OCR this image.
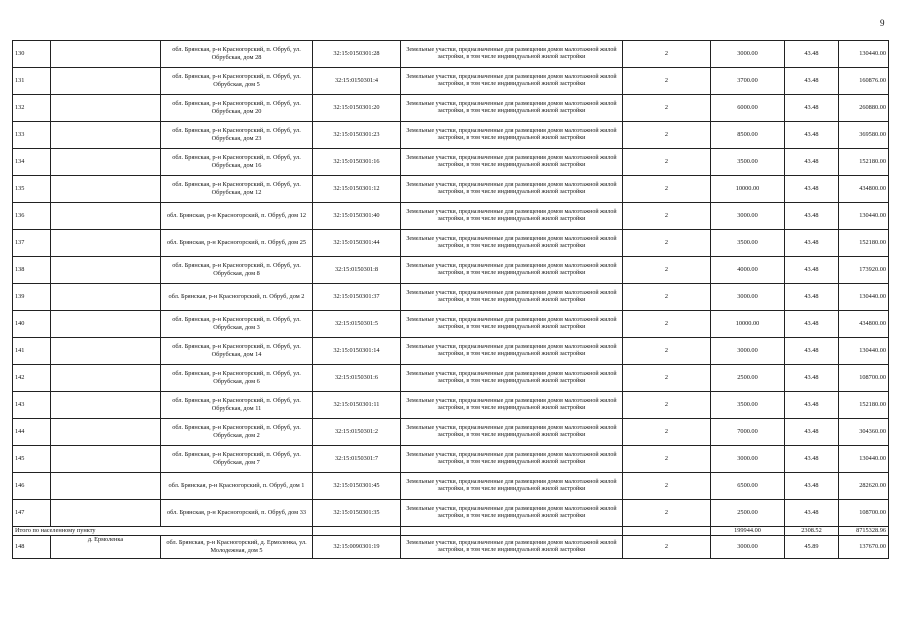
9
130		обл. Брянская, р-н Красногорский, п. Обруб, ул. Обрубская, дом 28	32:15:0150301:28	Земельные участки, предназначенные для размещения домов малоэтажной жилой застройки, в том числе индивидуальной жилой застройки	2	3000.00	43.48	130440.00
131		обл. Брянская, р-н Красногорский, п. Обруб, ул. Обрубская, дом 5	32:15:0150301:4	Земельные участки, предназначенные для размещения домов малоэтажной жилой застройки, в том числе индивидуальной жилой застройки	2	3700.00	43.48	160876.00
132		обл. Брянская, р-н Красногорский, п. Обруб, ул. Обрубская, дом 20	32:15:0150301:20	Земельные участки, предназначенные для размещения домов малоэтажной жилой застройки, в том числе индивидуальной жилой застройки	2	6000.00	43.48	260880.00
133		обл. Брянская, р-н Красногорский, п. Обруб, ул. Обрубская, дом 23	32:15:0150301:23	Земельные участки, предназначенные для размещения домов малоэтажной жилой застройки, в том числе индивидуальной жилой застройки	2	8500.00	43.48	369580.00
134		обл. Брянская, р-н Красногорский, п. Обруб, ул. Обрубская, дом 16	32:15:0150301:16	Земельные участки, предназначенные для размещения домов малоэтажной жилой застройки, в том числе индивидуальной жилой застройки	2	3500.00	43.48	152180.00
135		обл. Брянская, р-н Красногорский, п. Обруб, ул. Обрубская, дом 12	32:15:0150301:12	Земельные участки, предназначенные для размещения домов малоэтажной жилой застройки, в том числе индивидуальной жилой застройки	2	10000.00	43.48	434800.00
136		обл. Брянская, р-н Красногорский, п. Обруб, дом 12	32:15:0150301:40	Земельные участки, предназначенные для размещения домов малоэтажной жилой застройки, в том числе индивидуальной жилой застройки	2	3000.00	43.48	130440.00
137		обл. Брянская, р-н Красногорский, п. Обруб, дом 25	32:15:0150301:44	Земельные участки, предназначенные для размещения домов малоэтажной жилой застройки, в том числе индивидуальной жилой застройки	2	3500.00	43.48	152180.00
138		обл. Брянская, р-н Красногорский, п. Обруб, ул. Обрубская, дом 8	32:15:0150301:8	Земельные участки, предназначенные для размещения домов малоэтажной жилой застройки, в том числе индивидуальной жилой застройки	2	4000.00	43.48	173920.00
139		обл. Брянская, р-н Красногорский, п. Обруб, дом 2	32:15:0150301:37	Земельные участки, предназначенные для размещения домов малоэтажной жилой застройки, в том числе индивидуальной жилой застройки	2	3000.00	43.48	130440.00
140		обл. Брянская, р-н Красногорский, п. Обруб, ул. Обрубская, дом 3	32:15:0150301:5	Земельные участки, предназначенные для размещения домов малоэтажной жилой застройки, в том числе индивидуальной жилой застройки	2	10000.00	43.48	434800.00
141		обл. Брянская, р-н Красногорский, п. Обруб, ул. Обрубская, дом 14	32:15:0150301:14	Земельные участки, предназначенные для размещения домов малоэтажной жилой застройки, в том числе индивидуальной жилой застройки	2	3000.00	43.48	130440.00
142		обл. Брянская, р-н Красногорский, п. Обруб, ул. Обрубская, дом 6	32:15:0150301:6	Земельные участки, предназначенные для размещения домов малоэтажной жилой застройки, в том числе индивидуальной жилой застройки	2	2500.00	43.48	108700.00
143		обл. Брянская, р-н Красногорский, п. Обруб, ул. Обрубская, дом 11	32:15:0150301:11	Земельные участки, предназначенные для размещения домов малоэтажной жилой застройки, в том числе индивидуальной жилой застройки	2	3500.00	43.48	152180.00
144		обл. Брянская, р-н Красногорский, п. Обруб, ул. Обрубская, дом 2	32:15:0150301:2	Земельные участки, предназначенные для размещения домов малоэтажной жилой застройки, в том числе индивидуальной жилой застройки	2	7000.00	43.48	304360.00
145		обл. Брянская, р-н Красногорский, п. Обруб, ул. Обрубская, дом 7	32:15:0150301:7	Земельные участки, предназначенные для размещения домов малоэтажной жилой застройки, в том числе индивидуальной жилой застройки	2	3000.00	43.48	130440.00
146		обл. Брянская, р-н Красногорский, п. Обруб, дом 1	32:15:0150301:45	Земельные участки, предназначенные для размещения домов малоэтажной жилой застройки, в том числе индивидуальной жилой застройки	2	6500.00	43.48	282620.00
147		обл. Брянская, р-н Красногорский, п. Обруб, дом 33	32:15:0150301:35	Земельные участки, предназначенные для размещения домов малоэтажной жилой застройки, в том числе индивидуальной жилой застройки	2	2500.00	43.48	108700.00
Итого по населенному пункту						199944.00	2308.52	8715328.96
148	д. Ермоленка	обл. Брянская, р-н Красногорский, д. Ермоленка, ул. Молодежная, дом 5	32:15:0090301:19	Земельные участки, предназначенные для размещения домов малоэтажной жилой застройки, в том числе индивидуальной жилой застройки	2	3000.00	45.89	137670.00
